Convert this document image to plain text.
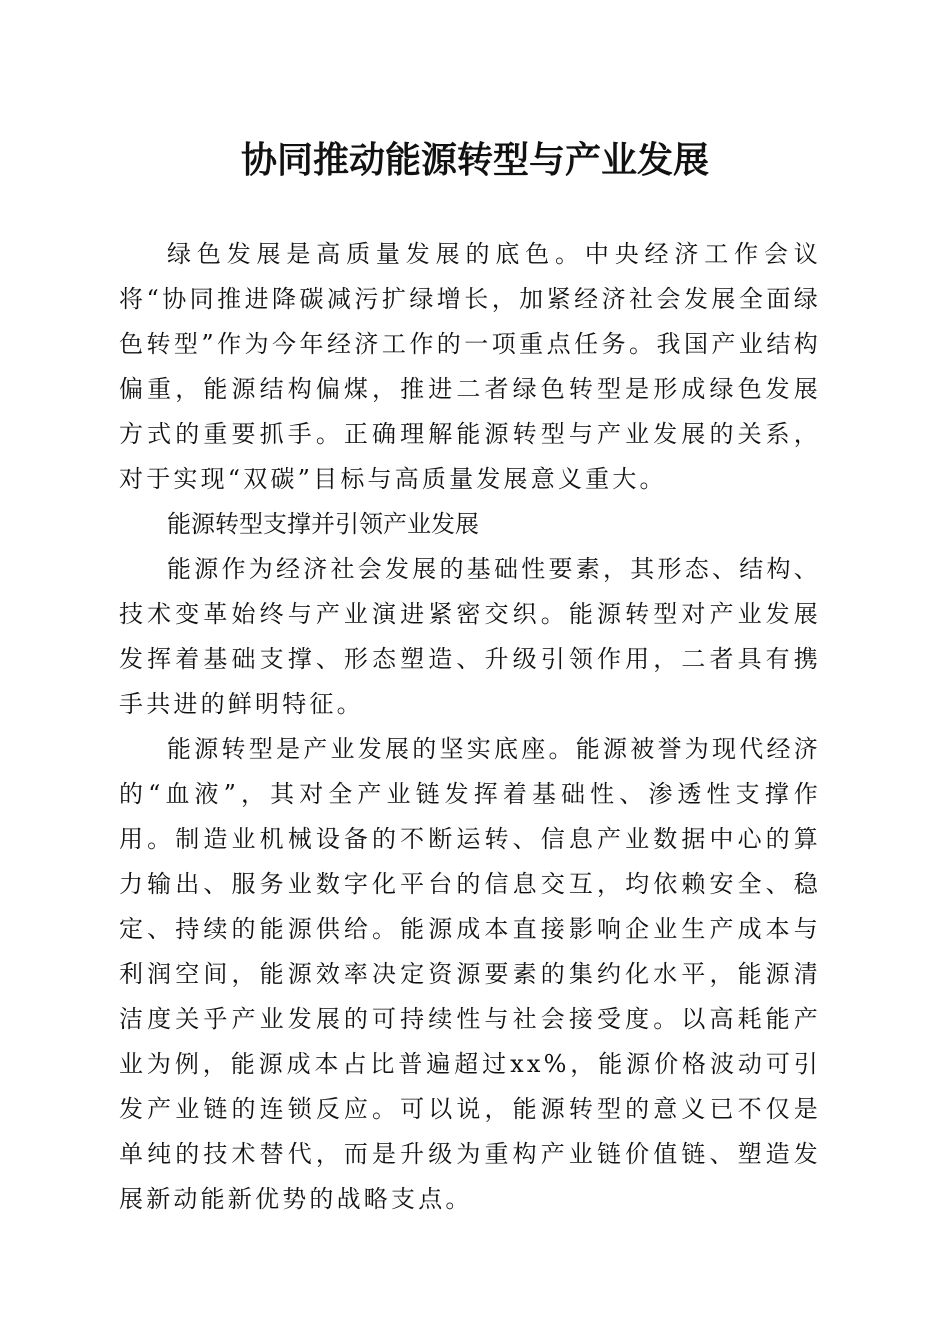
协同推动能源转型与产业发展

绿色发展是高质量发展的底色。中央经济工作会议将“协同推进降碳减污扩绿增长，加紧经济社会发展全面绿色转型”作为今年经济工作的一项重点任务。我国产业结构偏重，能源结构偏煤，推进二者绿色转型是形成绿色发展方式的重要抓手。正确理解能源转型与产业发展的关系，对于实现“双碳”目标与高质量发展意义重大。

能源转型支撑并引领产业发展

能源作为经济社会发展的基础性要素，其形态、结构、技术变革始终与产业演进紧密交织。能源转型对产业发展发挥着基础支撑、形态塑造、升级引领作用，二者具有携手共进的鲜明特征。

能源转型是产业发展的坚实底座。能源被誉为现代经济的“血液”，其对全产业链发挥着基础性、渗透性支撑作用。制造业机械设备的不断运转、信息产业数据中心的算力输出、服务业数字化平台的信息交互，均依赖安全、稳定、持续的能源供给。能源成本直接影响企业生产成本与利润空间，能源效率决定资源要素的集约化水平，能源清洁度关乎产业发展的可持续性与社会接受度。以高耗能产业为例，能源成本占比普遍超过xx%，能源价格波动可引发产业链的连锁反应。可以说，能源转型的意义已不仅是单纯的技术替代，而是升级为重构产业链价值链、塑造发展新动能新优势的战略支点。
